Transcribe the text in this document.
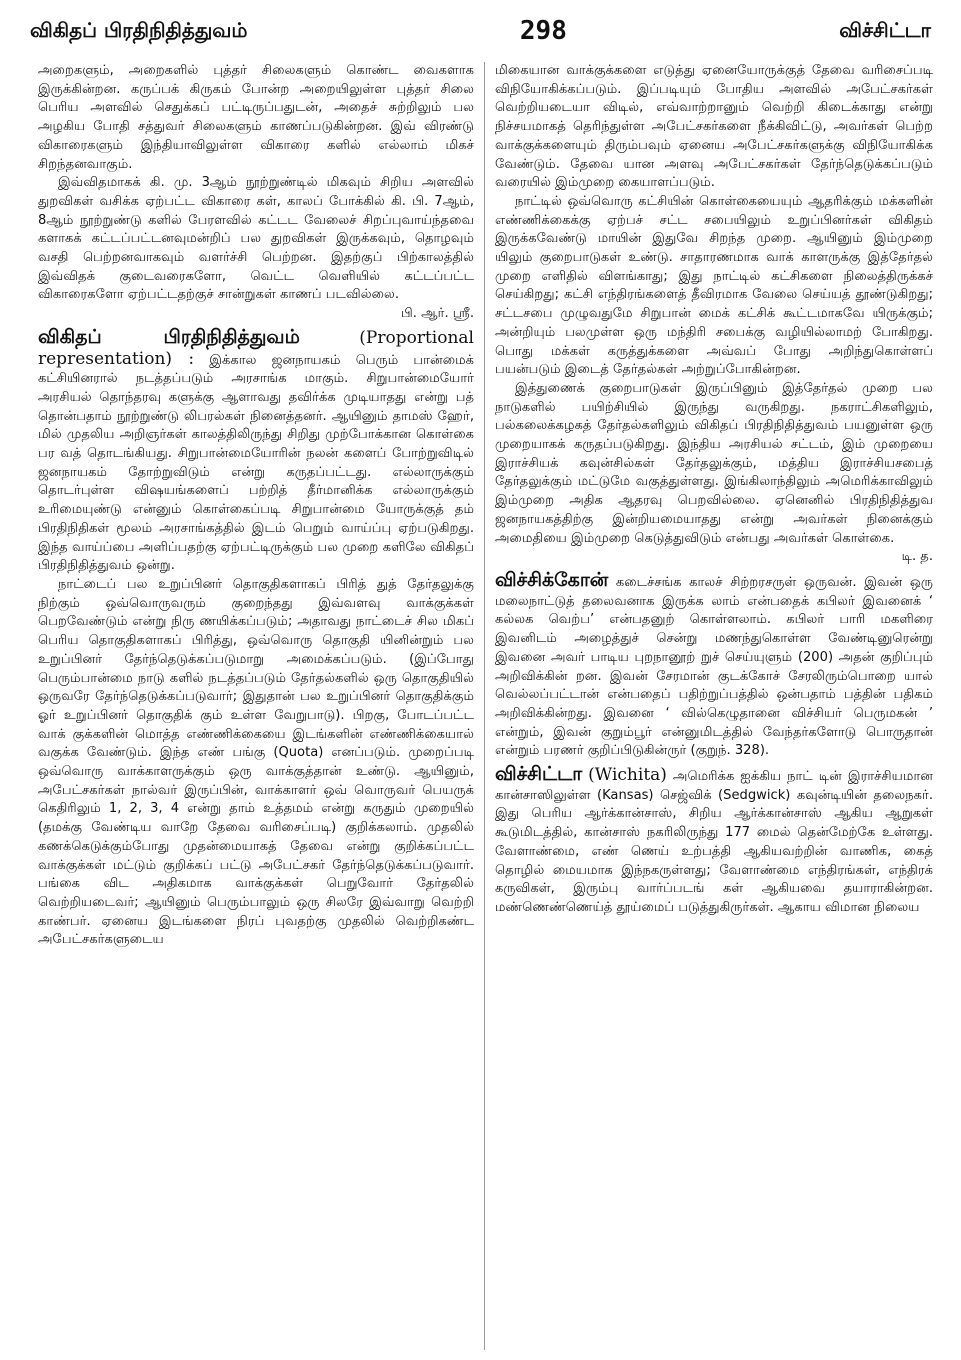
விகிதப் பிரதிநிதித்துவம்	298	விச்சிட்டா

அறைகளும், அறைகளில் புத்தர் சிலைகளும் கொண்ட வைகளாக இருக்கின்றன. கருப்பக் கிருகம் போன்ற அறையிலுள்ள புத்தர் சிலை பெரிய அளவில் செதுக்கப் பட்டிருப்பதுடன், அதைச் சுற்றிலும் பல அழகிய போதி சத்துவர் சிலைகளும் காணப்படுகின்றன. இவ் விரண்டு விகாரைகளும் இந்தியாவிலுள்ள விகாரை களில் எல்லாம் மிகச் சிறந்தனவாகும்.

இவ்விதமாகக் கி. மு. 3ஆம் நூற்றுண்டில் மிகவும் சிறிய அளவில் துறவிகள் வசிக்க ஏற்பட்ட விகாரை கள், காலப் போக்கில் கி. பி. 7ஆம், 8ஆம் நூற்றுண்டு களில் பேரளவில் கட்டட வேலைச் சிறப்புவாய்ந்தவை களாகக் கட்டப்பட்டனவுமன்றிப் பல துறவிகள் இருக்கவும், தொழவும் வசதி பெற்றனவாகவும் வளர்ச்சி பெற்றன. இதற்குப் பிற்காலத்தில் இவ்விதக் குடைவரைகளோ, வெட்ட வெளியில் கட்டப்பட்ட விகாரைகளோ ஏற்பட்டதற்குச் சான்றுகள் காணப் படவில்லை.

பி. ஆர். ஸ்ரீ.

விகிதப் பிரதிநிதித்துவம்	(Proportional representation) : இக்கால ஜனநாயகம் பெரும் பான்மைக் கட்சியினரால் நடத்தப்படும் அரசாங்க மாகும். சிறுபான்மையோர் அரசியல் தொந்தரவு களுக்கு ஆளாவது தவிர்க்க முடியாதது என்று பத் தொன்பதாம் நூற்றுண்டு லிபரல்கள் நினைத்தனர். ஆயினும் தாமஸ் ஹேர், மில் முதலிய அறிஞர்கள் காலத்திலிருந்து சிறிது முற்போக்கான கொள்கை பர வத் தொடங்கியது. சிறுபான்மையோரின் நலன் களைப் போற்றுவிடில் ஜனநாயகம் தோற்றுவிடும் என்று கருதப்பட்டது. எல்லாருக்கும் தொடர்புள்ள விஷயங்களைப் பற்றித் தீர்மானிக்க எல்லாருக்கும் உரிமையுண்டு என்னும் கொள்கைப்படி சிறுபான்மை யோருக்குத் தம் பிரதிநிதிகள் மூலம் அரசாங்கத்தில் இடம் பெறும் வாய்ப்பு ஏற்படுகிறது. இந்த வாய்ப்பை அளிப்பதற்கு ஏற்பட்டிருக்கும் பல முறை களிலே விகிதப் பிரதிநிதித்துவம் ஒன்று.

நாட்டைப் பல உறுப்பினர் தொகுதிகளாகப் பிரித் துத் தேர்தலுக்கு நிற்கும் ஒவ்வொருவரும் குறைந்தது இவ்வளவு வாக்குக்கள் பெறவேண்டும் என்று நிரு ணயிக்கப்படும்; அதாவது நாட்டைச் சில மிகப் பெரிய தொகுதிகளாகப் பிரித்து, ஒவ்வொரு தொகுதி யினின்றும் பல உறுப்பினர் தேர்ந்தெடுக்கப்படுமாறு அமைக்கப்படும். (இப்போது பெரும்பான்மை நாடு களில் நடத்தப்படும் தேர்தல்களில் ஒரு தொகுதியில் ஒருவரே தேர்ந்தெடுக்கப்படுவார்; இதுதான் பல உறுப்பினர் தொகுதிக்கும் ஓர் உறுப்பினர் தொகுதிக் கும் உள்ள வேறுபாடு). பிறகு, போடப்பட்ட வாக் குக்களின் மொத்த எண்ணிக்கையை இடங்களின் எண்ணிக்கையால் வகுக்க வேண்டும். இந்த எண் பங்கு (Quota) எனப்படும். முறைப்படி ஒவ்வொரு வாக்காளருக்கும் ஒரு வாக்குத்தான் உண்டு. ஆயினும், அபேட்சகர்கள் நால்வர் இருப்பின், வாக்காளர் ஒவ் வொருவர் பெயருக் கெதிரிலும் 1, 2, 3, 4 என்று தாம் உத்தமம் என்று கருதும் முறையில் (தமக்கு வேண்டிய வாறே தேவை வரிசைப்படி) குறிக்கலாம். முதலில் கணக்கெடுக்கும்போது முதன்மையாகத் தேவை என்று குறிக்கப்பட்ட வாக்குக்கள் மட்டும் குறிக்கப் பட்டு அபேட்சகர் தேர்ந்தெடுக்கப்படுவார். பங்கை விட அதிகமாக வாக்குக்கள் பெறுவோர் தேர்தலில் வெற்றியடைவர்; ஆயினும் பெரும்பாலும் ஒரு சிலரே இவ்வாறு வெற்றி காண்பர். ஏனைய இடங்களை நிரப் புவதற்கு முதலில் வெற்றிகண்ட அபேட்சகர்களுடைய

மிகையான வாக்குக்களை எடுத்து ஏனையோருக்குத் தேவை வரிசைப்படி விநியோகிக்கப்படும். இப்படியும் போதிய அளவில் அபேட்சகர்கள் வெற்றியடையா விடில், எவ்வாற்றானும் வெற்றி கிடைக்காது என்று நிச்சயமாகத் தெரிந்துள்ள அபேட்சகர்களை நீக்கிவிட்டு, அவர்கள் பெற்ற வாக்குக்களையும் திரும்பவும் ஏனைய அபேட்சகர்களுக்கு விநியோகிக்க வேண்டும். தேவை யான அளவு அபேட்சகர்கள் தேர்ந்தெடுக்கப்படும் வரையில் இம்முறை கையாளப்படும்.

நாட்டில் ஒவ்வொரு கட்சியின் கொள்கையையும் ஆதரிக்கும் மக்களின் எண்ணிக்கைக்கு ஏற்பச் சட்ட சபையிலும் உறுப்பினர்கள் விகிதம் இருக்கவேண்டு மாயின் இதுவே சிறந்த முறை. ஆயினும் இம்முறை யிலும் குறைபாடுகள் உண்டு. சாதாரணமாக வாக் காளருக்கு இத்தேர்தல் முறை எளிதில் விளங்காது; இது நாட்டில் கட்சிகளை நிலைத்திருக்கச் செய்கிறது; கட்சி எந்திரங்களைத் தீவிரமாக வேலை செய்யத் தூண்டுகிறது; சட்டசபை முழுவதுமே சிறுபான் மைக் கட்சிக் கூட்டமாகவே யிருக்கும்; அன்றியும் பலமுள்ள ஒரு மந்திரி சபைக்கு வழியில்லாமற் போகிறது. பொது மக்கள் கருத்துக்களை அவ்வப் போது அறிந்துகொள்ளப் பயன்படும் இடைத் தேர்தல்கள் அற்றுப்போகின்றன.

இத்துணைக் குறைபாடுகள் இருப்பினும் இத்தேர்தல் முறை பல நாடுகளில் பயிற்சியில் இருந்து வருகிறது. நகராட்சிகளிலும், பல்கலைக்கழகத் தேர்தல்களிலும் விகிதப் பிரதிநிதித்துவம் பயனுள்ள ஒரு முறையாகக் கருதப்படுகிறது. இந்திய அரசியல் சட்டம், இம் முறையை இராச்சியக் கவுன்சில்கள் தேர்தலுக்கும், மத்திய இராச்சியசபைத் தேர்தலுக்கும் மட்டுமே வகுத்துள்ளது. இங்கிலாந்திலும் அமெரிக்காவிலும் இம்முறை அதிக ஆதரவு பெறவில்லை. ஏனெனில் பிரதிநிதித்துவ ஜனநாயகத்திற்கு இன்றியமையாதது என்று அவர்கள் நினைக்கும் அமைதியை இம்முறை கெடுத்துவிடும் என்பது அவர்கள் கொள்கை.

டி. த.

விச்சிக்கோன் கடைச்சங்க காலச் சிற்றரசருள் ஒருவன். இவன் ஒரு மலைநாட்டுத் தலைவனாக இருக்க லாம் என்பதைக் கபிலர் இவனைக் ‘ கல்லக வெற்ப’ என்பதனுற் கொள்ளலாம். கபிலர் பாரி மகளிரை இவனிடம் அழைத்துச் சென்று மணந்துகொள்ள வேண்டினுரென்று இவனை அவர் பாடிய புறநானூற் றுச் செய்யுளும் (200) அதன் குறிப்பும் அறிவிக்கின் றன. இவன் சேரமான் குடக்கோச் சேரலிரும்பொறை யால் வெல்லப்பட்டான் என்பதைப் பதிற்றுப்பத்தில் ஒன்பதாம் பத்தின் பதிகம் அறிவிக்கின்றது. இவனை ‘ வில்கெழுதானை விச்சியர் பெருமகன் ’ என்றும், இவன் குறும்பூர் என்னுமிடத்தில் வேந்தர்களோடு பொருதான் என்றும் பரணர் குறிப்பிடுகின்ருர் (குறுந். 328).

விச்சிட்டா (Wichita) அமெரிக்க ஐக்கிய நாட் டின் இராச்சியமான கான்சாஸிலுள்ள (Kansas) செஜ்விக் (Sedgwick) கவுன்டியின் தலைநகர். இது பெரிய ஆர்க்கான்சாஸ், சிறிய ஆர்க்கான்சாஸ் ஆகிய ஆறுகள் கூடுமிடத்தில், கான்சாஸ் நகரிலிருந்து 177 மைல் தென்மேற்கே உள்ளது. வேளாண்மை, எண் ணெய் உற்பத்தி ஆகியவற்றின் வாணிக, கைத் தொழில் மையமாக இந்நகருள்ளது; வேளாண்மை எந்திரங்கள், எந்திரக் கருவிகள், இரும்பு வார்ப்படங் கள் ஆகியவை தயாராகின்றன. மண்ணெண்ணெய்த் தூய்மைப் படுத்துகிருர்கள். ஆகாய விமான நிலைய
